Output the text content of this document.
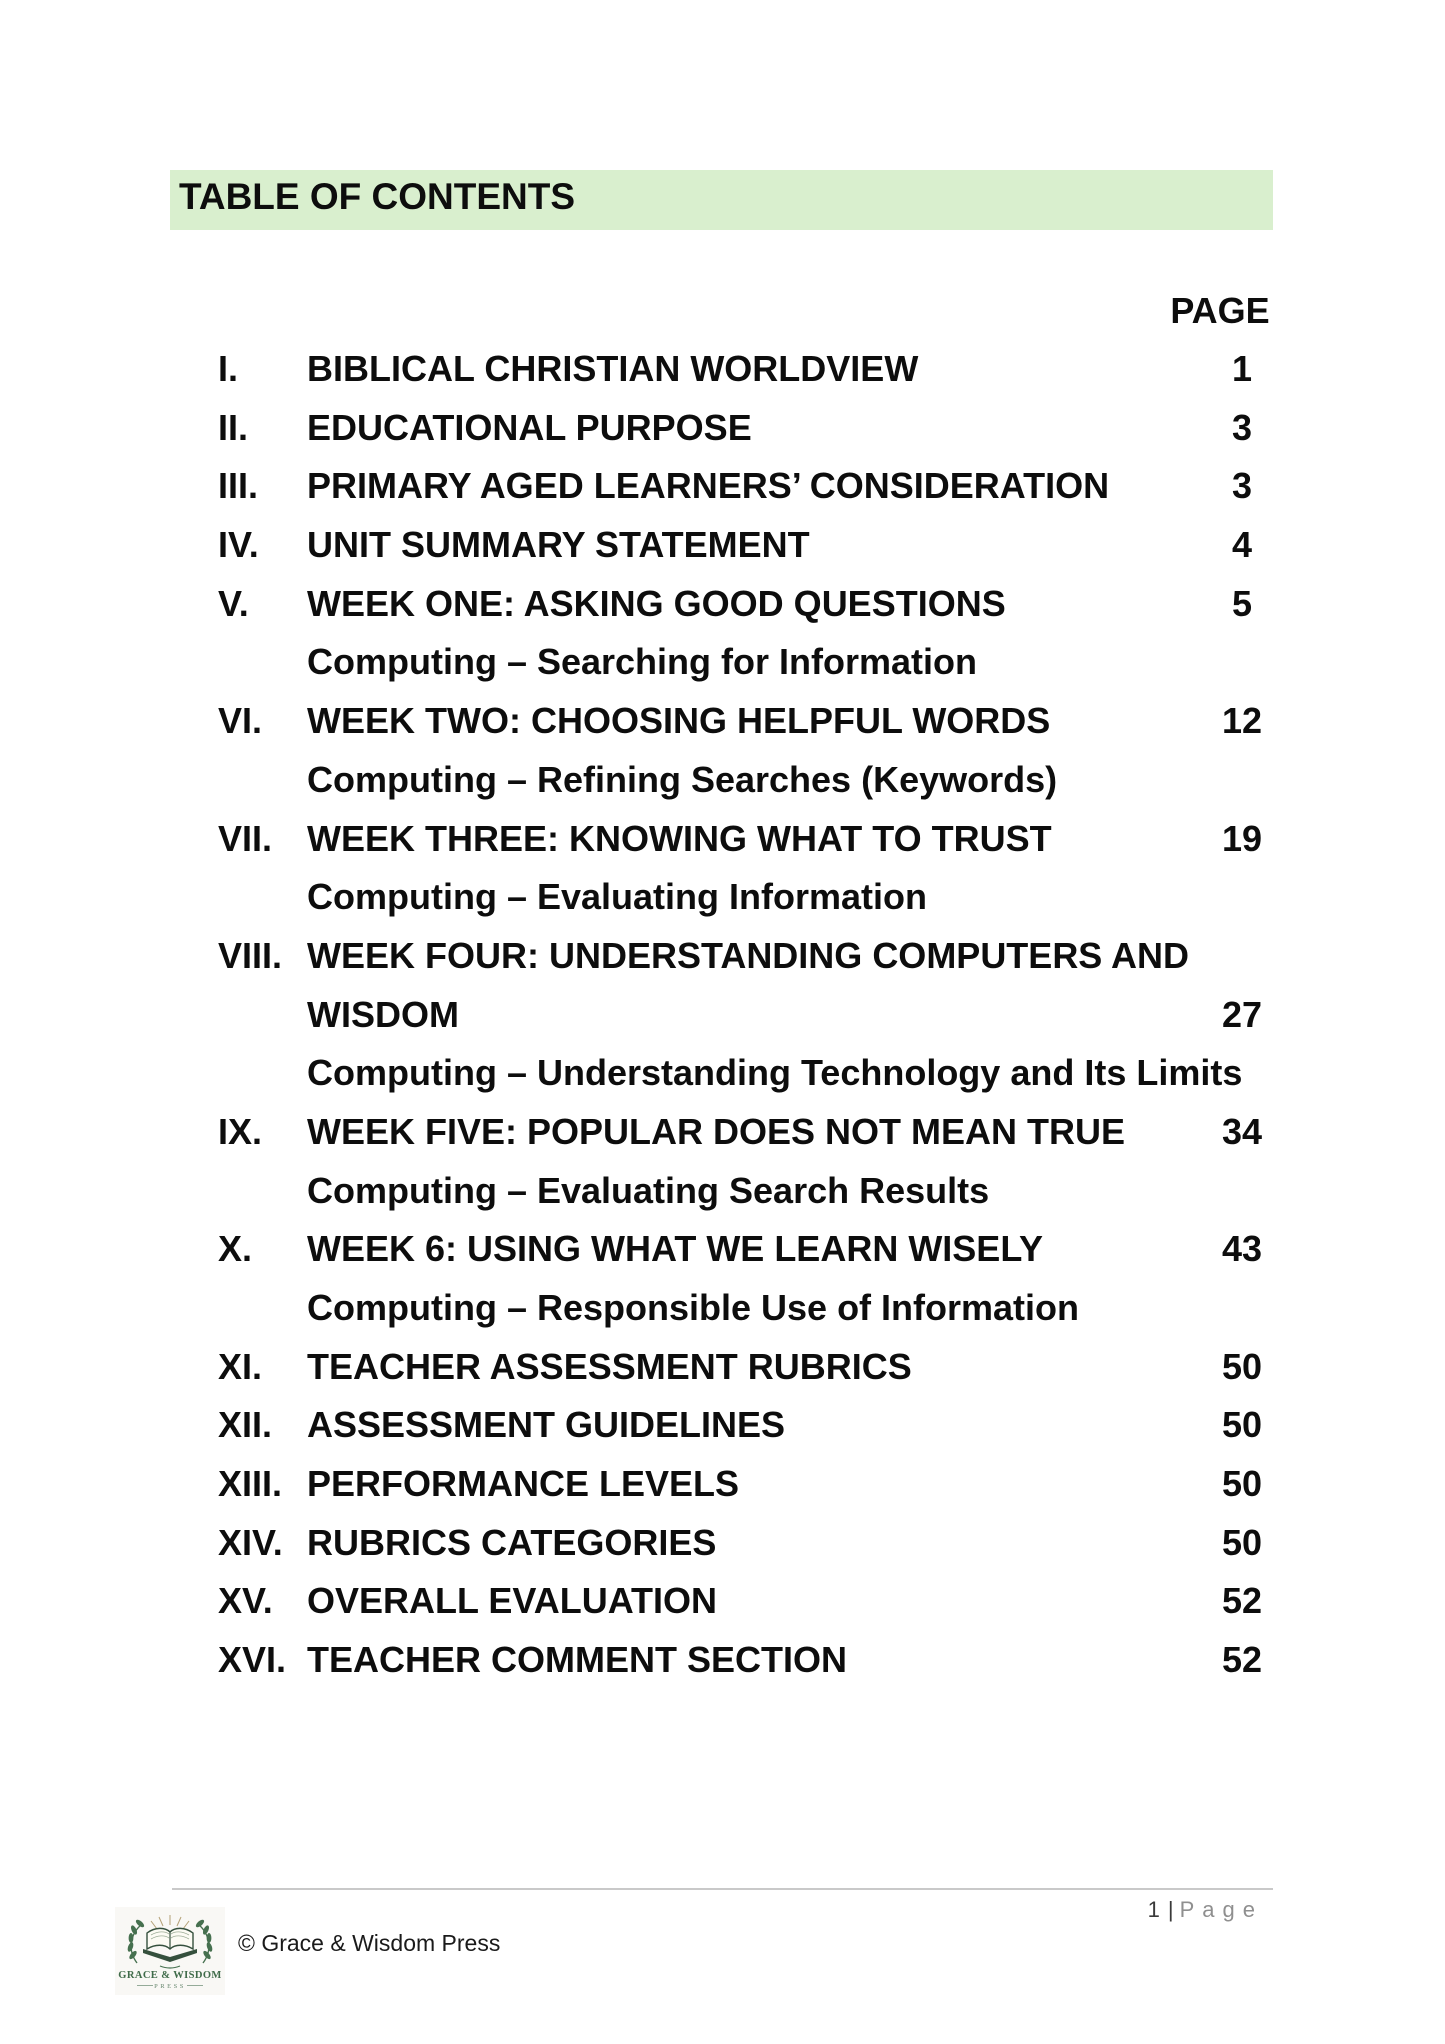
TABLE OF CONTENTS
PAGE
I. BIBLICAL CHRISTIAN WORLDVIEW	1
II. EDUCATIONAL PURPOSE	3
III. PRIMARY AGED LEARNERS’ CONSIDERATION	3
IV. UNIT SUMMARY STATEMENT	4
V. WEEK ONE: ASKING GOOD QUESTIONS	5
Computing – Searching for Information
VI. WEEK TWO: CHOOSING HELPFUL WORDS	12
Computing – Refining Searches (Keywords)
VII. WEEK THREE: KNOWING WHAT TO TRUST	19
Computing – Evaluating Information
VIII. WEEK FOUR: UNDERSTANDING COMPUTERS AND
WISDOM	27
Computing – Understanding Technology and Its Limits
IX. WEEK FIVE: POPULAR DOES NOT MEAN TRUE	34
Computing – Evaluating Search Results
X. WEEK 6: USING WHAT WE LEARN WISELY	43
Computing – Responsible Use of Information
XI. TEACHER ASSESSMENT RUBRICS	50
XII. ASSESSMENT GUIDELINES	50
XIII. PERFORMANCE LEVELS	50
XIV. RUBRICS CATEGORIES	50
XV. OVERALL EVALUATION	52
XVI. TEACHER COMMENT SECTION	52
1 | Page
GRACE & WISDOM
PRESS
© Grace & Wisdom Press
